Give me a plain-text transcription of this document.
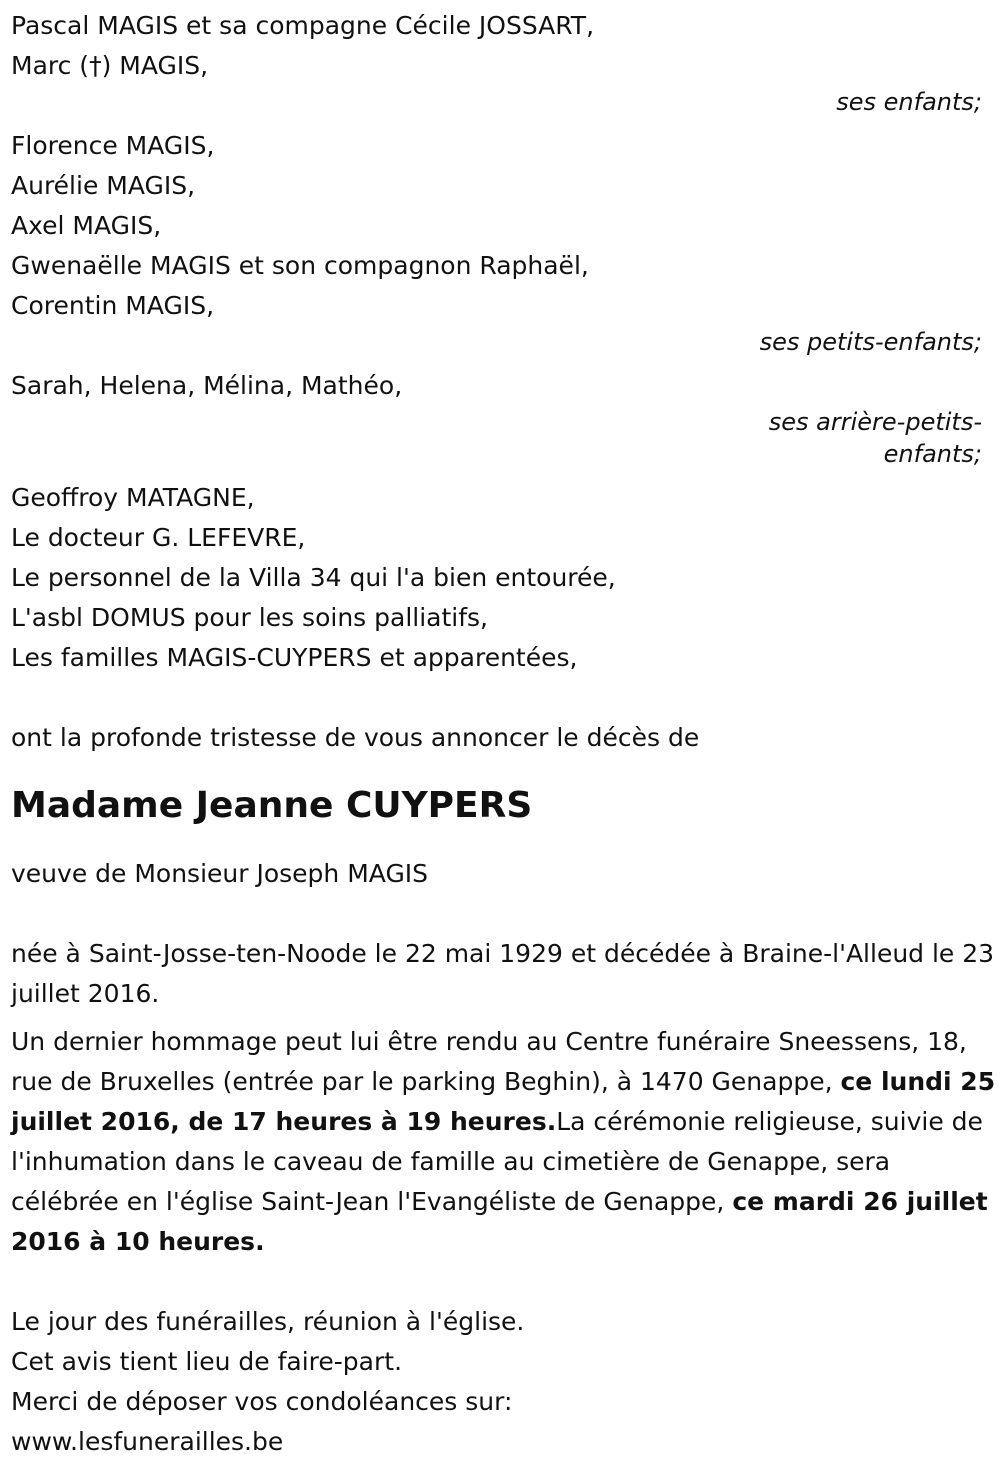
Pascal MAGIS et sa compagne Cécile JOSSART,
Marc (†) MAGIS,
ses enfants;
Florence MAGIS,
Aurélie MAGIS,
Axel MAGIS,
Gwenaëlle MAGIS et son compagnon Raphaël,
Corentin MAGIS,
ses petits-enfants;
Sarah, Helena, Mélina, Mathéo,
ses arrière-petits-
enfants;
Geoffroy MATAGNE,
Le docteur G. LEFEVRE,
Le personnel de la Villa 34 qui l'a bien entourée,
L'asbl DOMUS pour les soins palliatifs,
Les familles MAGIS-CUYPERS et apparentées,
ont la profonde tristesse de vous annoncer le décès de
Madame Jeanne CUYPERS
veuve de Monsieur Joseph MAGIS

née à Saint-Josse-ten-Noode le 22 mai 1929 et décédée à Braine-l'Alleud le 23 juillet 2016.

Un dernier hommage peut lui être rendu au Centre funéraire Sneessens, 18, rue de Bruxelles (entrée par le parking Beghin), à 1470 Genappe, ce lundi 25 juillet 2016, de 17 heures à 19 heures.La cérémonie religieuse, suivie de l'inhumation dans le caveau de famille au cimetière de Genappe, sera célébrée en l'église Saint-Jean l'Evangéliste de Genappe, ce mardi 26 juillet 2016 à 10 heures.

Le jour des funérailles, réunion à l'église.
Cet avis tient lieu de faire-part.
Merci de déposer vos condoléances sur:
www.lesfunerailles.be
